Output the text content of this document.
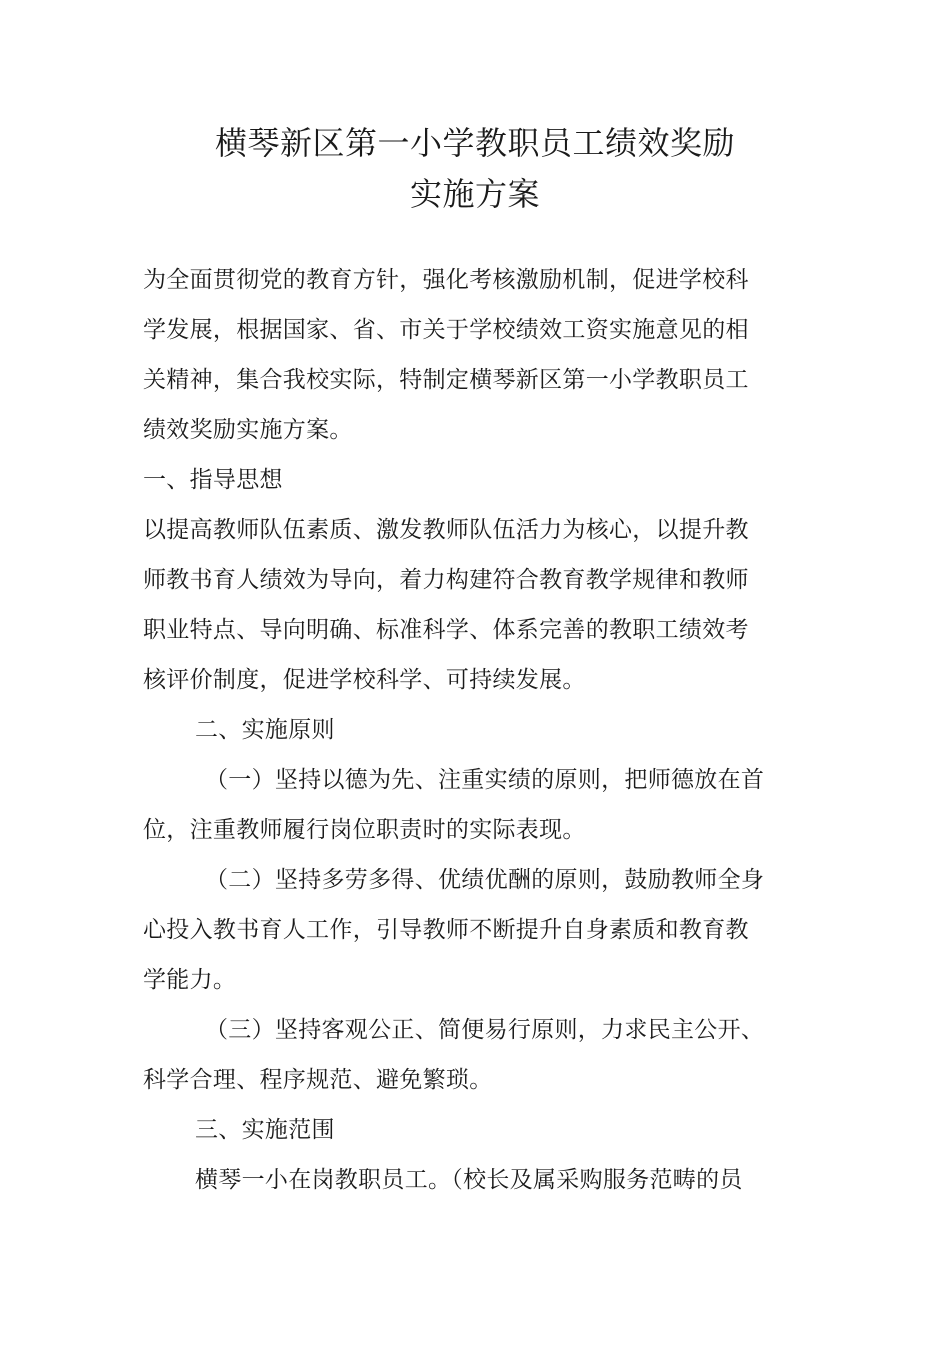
横琴新区第一小学教职员工绩效奖励
实施方案
为全面贯彻党的教育方针，强化考核激励机制，促进学校科
学发展，根据国家、省、市关于学校绩效工资实施意见的相
关精神，集合我校实际，特制定横琴新区第一小学教职员工
绩效奖励实施方案。
一、指导思想
以提高教师队伍素质、激发教师队伍活力为核心，以提升教
师教书育人绩效为导向，着力构建符合教育教学规律和教师
职业特点、导向明确、标准科学、体系完善的教职工绩效考
核评价制度，促进学校科学、可持续发展。
二、实施原则
（一）坚持以德为先、注重实绩的原则，把师德放在首
位，注重教师履行岗位职责时的实际表现。
（二）坚持多劳多得、优绩优酬的原则，鼓励教师全身
心投入教书育人工作，引导教师不断提升自身素质和教育教
学能力。
（三）坚持客观公正、简便易行原则，力求民主公开、
科学合理、程序规范、避免繁琐。
三、实施范围
横琴一小在岗教职员工。（校长及属采购服务范畴的员
